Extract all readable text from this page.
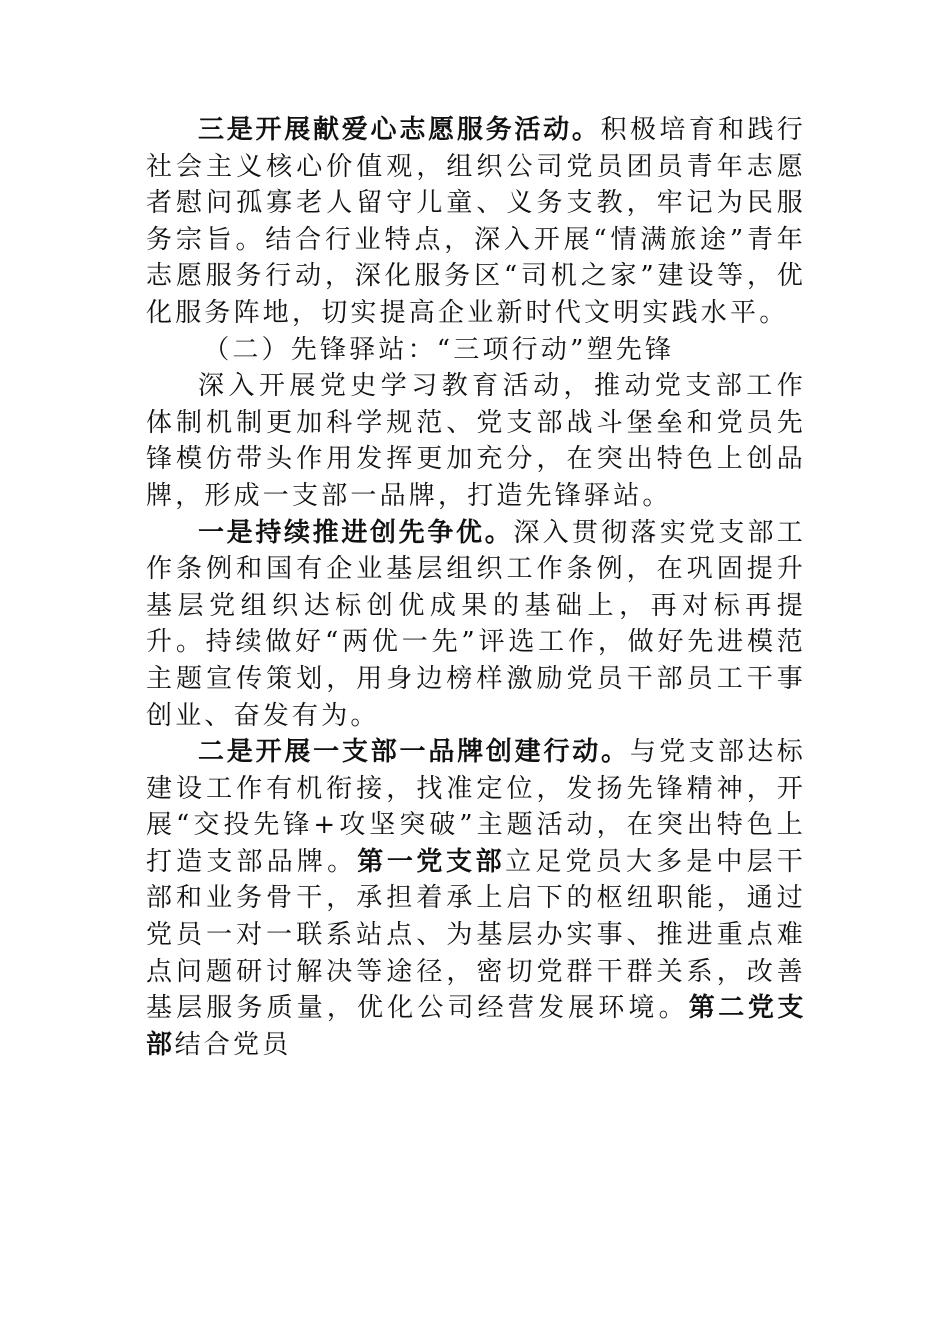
三是开展献爱心志愿服务活动。积极培育和践行社会主义核心价值观，组织公司党员团员青年志愿者慰问孤寡老人留守儿童、义务支教，牢记为民服务宗旨。结合行业特点，深入开展“情满旅途”青年志愿服务行动，深化服务区“司机之家”建设等，优化服务阵地，切实提高企业新时代文明实践水平。

（二）先锋驿站：“三项行动”塑先锋

深入开展党史学习教育活动，推动党支部工作体制机制更加科学规范、党支部战斗堡垒和党员先锋模仿带头作用发挥更加充分，在突出特色上创品牌，形成一支部一品牌，打造先锋驿站。

一是持续推进创先争优。深入贯彻落实党支部工作条例和国有企业基层组织工作条例，在巩固提升基层党组织达标创优成果的基础上，再对标再提升。持续做好“两优一先”评选工作，做好先进模范主题宣传策划，用身边榜样激励党员干部员工干事创业、奋发有为。

二是开展一支部一品牌创建行动。与党支部达标建设工作有机衔接，找准定位，发扬先锋精神，开展“交投先锋+攻坚突破”主题活动，在突出特色上打造支部品牌。第一党支部立足党员大多是中层干部和业务骨干，承担着承上启下的枢纽职能，通过党员一对一联系站点、为基层办实事、推进重点难点问题研讨解决等途径，密切党群干群关系，改善基层服务质量，优化公司经营发展环境。第二党支部结合党员
